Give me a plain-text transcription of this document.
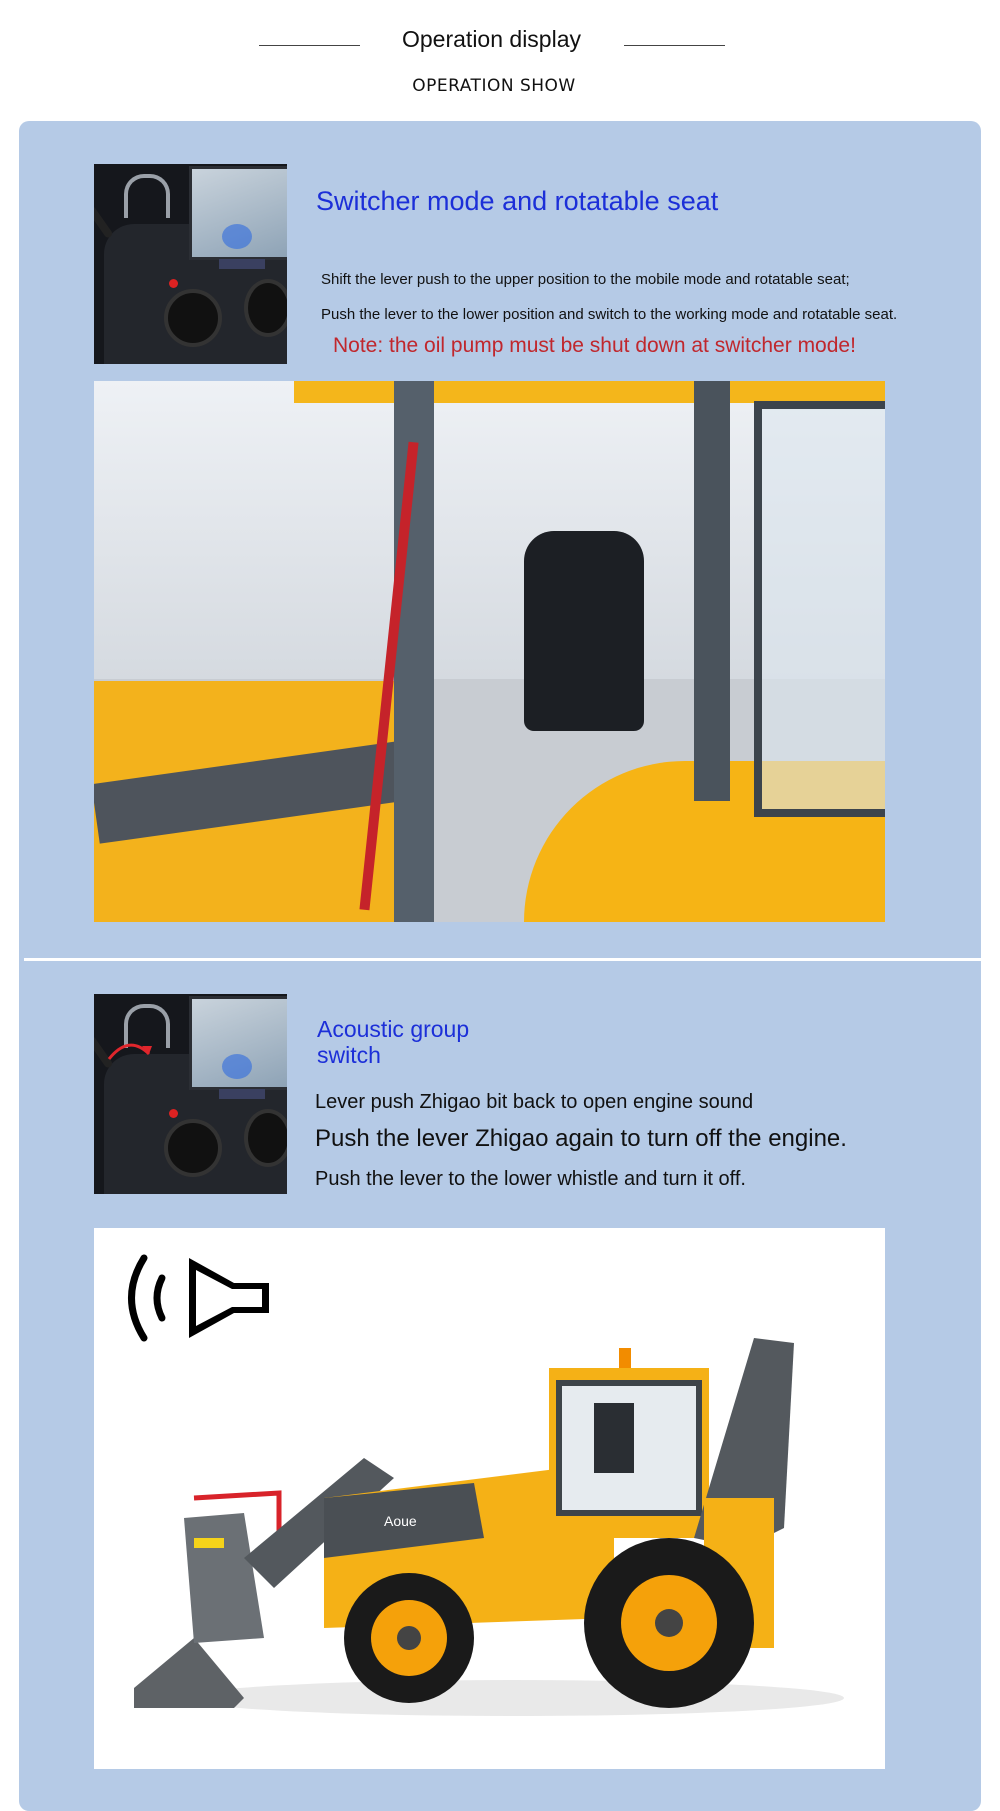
Operation display
OPERATION SHOW
Switcher mode and rotatable seat
Shift the lever push to the upper position to the mobile mode and rotatable seat;
Push the lever to the lower position and switch to the working mode and rotatable seat.
Note: the oil pump must be shut down at switcher mode!
Acoustic group
switch
Lever push Zhigao bit back to open engine sound
Push the lever Zhigao again to turn off the engine.
Push the lever to the lower whistle and turn it off.
Aoue
